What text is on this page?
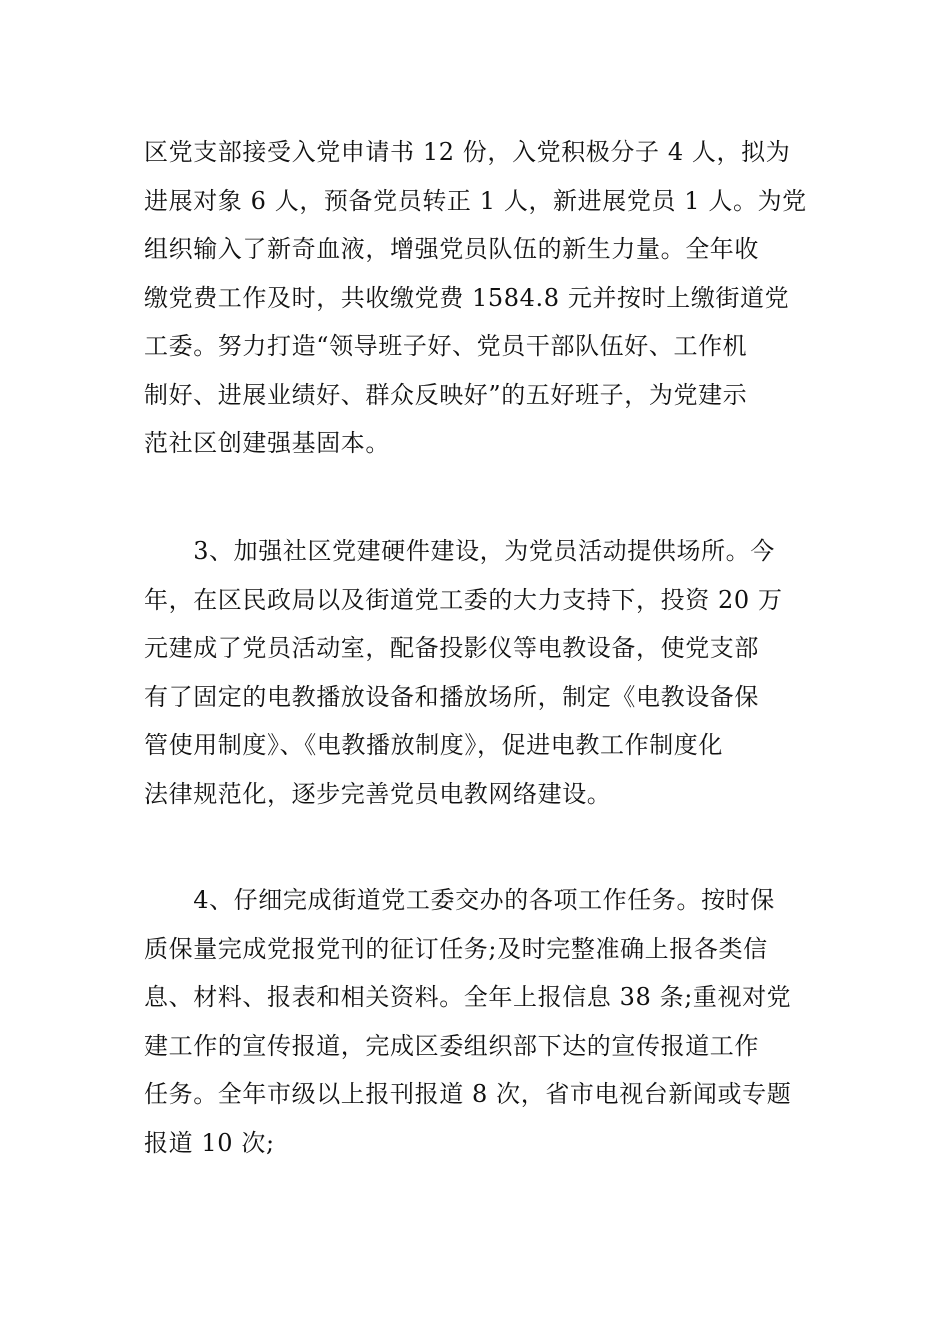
区党支部接受入党申请书 12 份，入党积极分子 4 人，拟为
进展对象 6 人，预备党员转正 1 人，新进展党员 1 人。为党
组织输入了新奇血液，增强党员队伍的新生力量。全年收
缴党费工作及时，共收缴党费 1584.8 元并按时上缴街道党
工委。努力打造“领导班子好、党员干部队伍好、工作机
制好、进展业绩好、群众反映好”的五好班子，为党建示
范社区创建强基固本。
　　3、加强社区党建硬件建设，为党员活动提供场所。今
年，在区民政局以及街道党工委的大力支持下，投资 20 万
元建成了党员活动室，配备投影仪等电教设备，使党支部
有了固定的电教播放设备和播放场所，制定《电教设备保
管使用制度》、《电教播放制度》，促进电教工作制度化
法律规范化，逐步完善党员电教网络建设。
　　4、仔细完成街道党工委交办的各项工作任务。按时保
质保量完成党报党刊的征订任务;及时完整准确上报各类信
息、材料、报表和相关资料。全年上报信息 38 条;重视对党
建工作的宣传报道，完成区委组织部下达的宣传报道工作
任务。全年市级以上报刊报道 8 次，省市电视台新闻或专题
报道 10 次;
